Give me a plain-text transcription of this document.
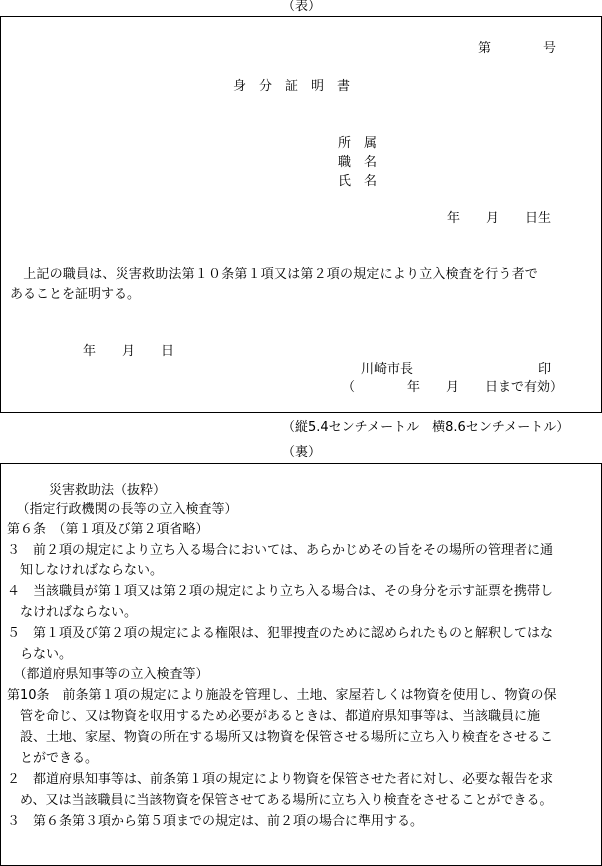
（表）
第　　　　号
身分証明書
所属
職名
氏名
年　　月　　日生
　上記の職員は、災害救助法第１０条第１項又は第２項の規定により立入検査を行う者で
あることを証明する。
年　　月　　日
川崎市長	印
（　　　　年　　月　　日まで有効）
（縦5.4センチメートル　横8.6センチメートル）
（裏）
　　　災害救助法（抜粋）
　（指定行政機関の長等の立入検査等）
第６条　（第１項及び第２項省略）
３　前２項の規定により立ち入る場合においては、あらかじめその旨をその場所の管理者に通
　知しなければならない。
４　当該職員が第１項又は第２項の規定により立ち入る場合は、その身分を示す証票を携帯し
　なければならない。
５　第１項及び第２項の規定による権限は、犯罪捜査のために認められたものと解釈してはな
　らない。
　（都道府県知事等の立入検査等）
第10条　前条第１項の規定により施設を管理し、土地、家屋若しくは物資を使用し、物資の保
　管を命じ、又は物資を収用するため必要があるときは、都道府県知事等は、当該職員に施
　設、土地、家屋、物資の所在する場所又は物資を保管させる場所に立ち入り検査をさせるこ
　とができる。
２　都道府県知事等は、前条第１項の規定により物資を保管させた者に対し、必要な報告を求
　め、又は当該職員に当該物資を保管させてある場所に立ち入り検査をさせることができる。
３　第６条第３項から第５項までの規定は、前２項の場合に準用する。
